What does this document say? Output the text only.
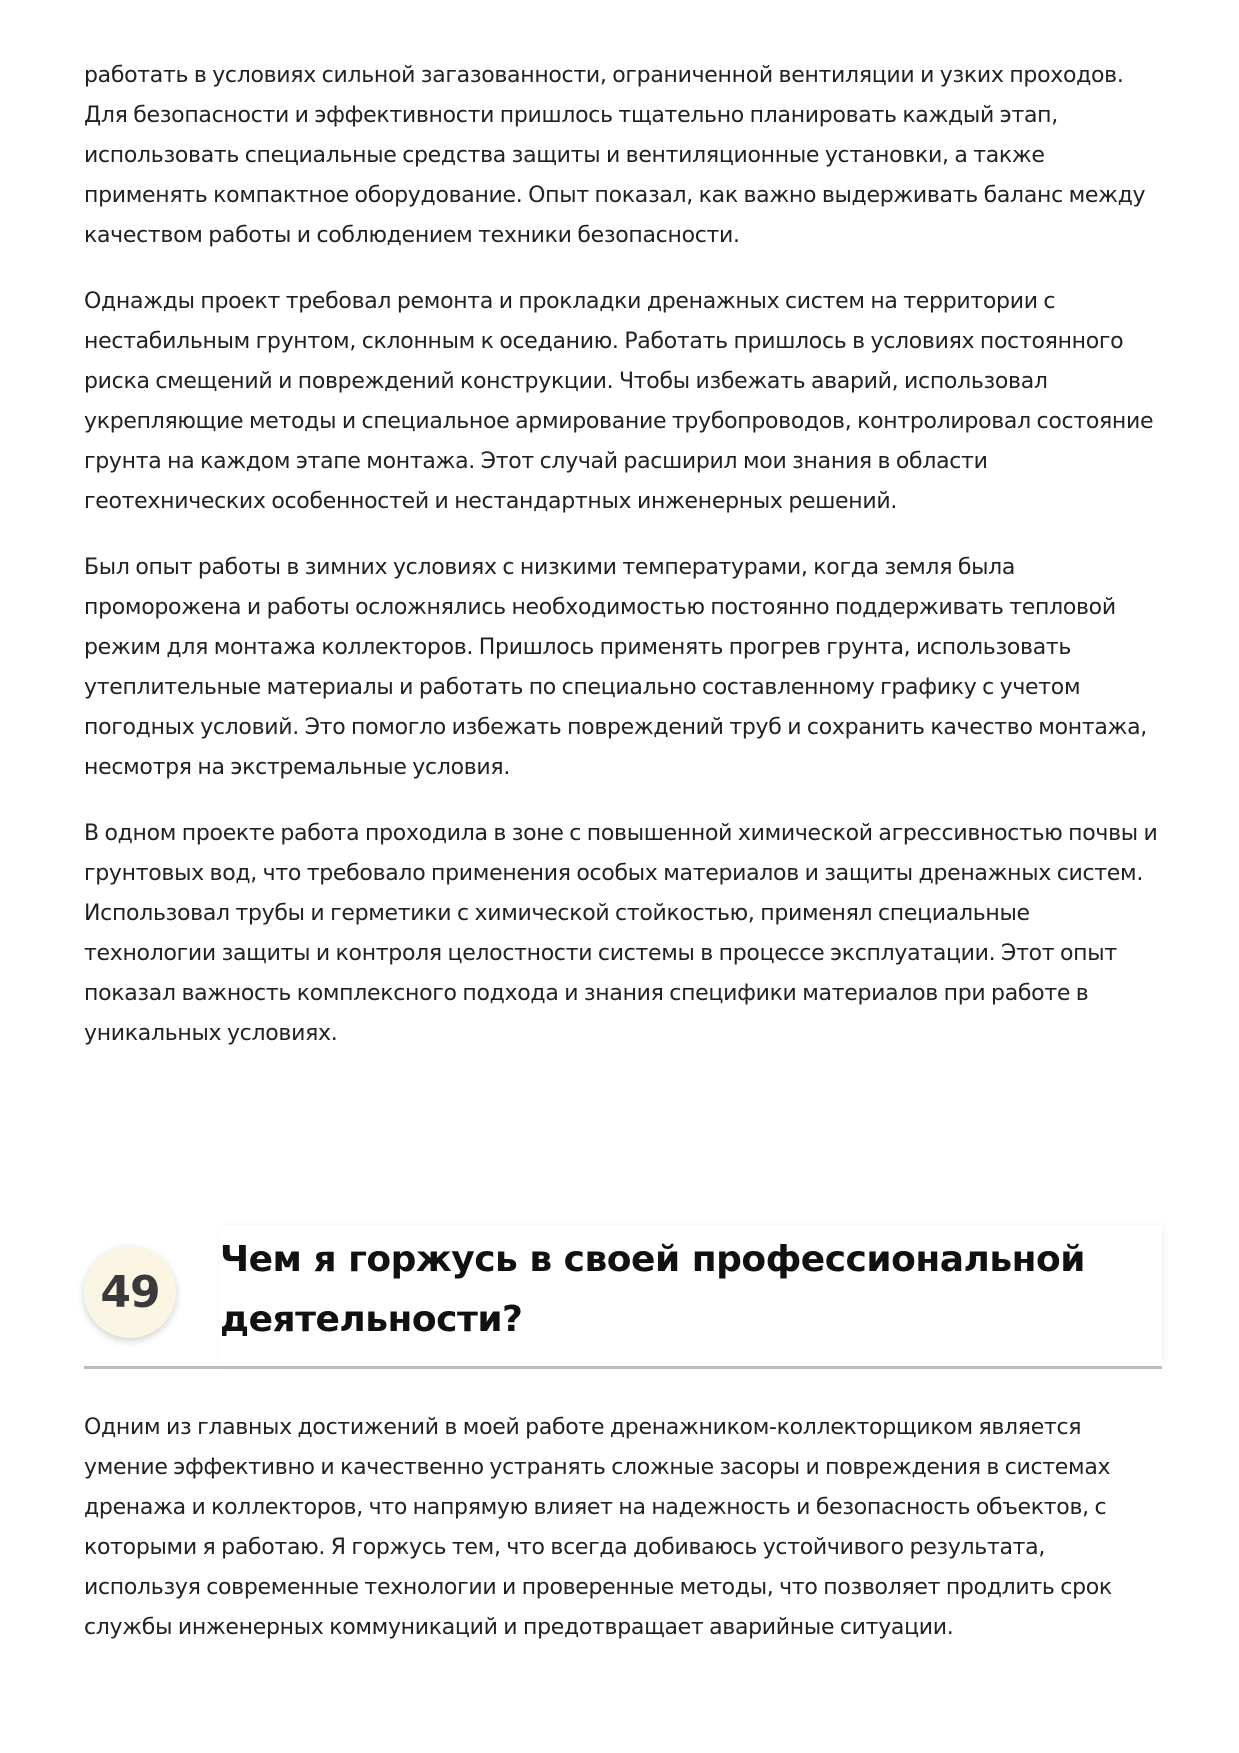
работать в условиях сильной загазованности, ограниченной вентиляции и узких проходов. Для безопасности и эффективности пришлось тщательно планировать каждый этап, использовать специальные средства защиты и вентиляционные установки, а также применять компактное оборудование. Опыт показал, как важно выдерживать баланс между качеством работы и соблюдением техники безопасности.

Однажды проект требовал ремонта и прокладки дренажных систем на территории с нестабильным грунтом, склонным к оседанию. Работать пришлось в условиях постоянного риска смещений и повреждений конструкции. Чтобы избежать аварий, использовал укрепляющие методы и специальное армирование трубопроводов, контролировал состояние грунта на каждом этапе монтажа. Этот случай расширил мои знания в области геотехнических особенностей и нестандартных инженерных решений.

Был опыт работы в зимних условиях с низкими температурами, когда земля была проморожена и работы осложнялись необходимостью постоянно поддерживать тепловой режим для монтажа коллекторов. Пришлось применять прогрев грунта, использовать утеплительные материалы и работать по специально составленному графику с учетом погодных условий. Это помогло избежать повреждений труб и сохранить качество монтажа, несмотря на экстремальные условия.

В одном проекте работа проходила в зоне с повышенной химической агрессивностью почвы и грунтовых вод, что требовало применения особых материалов и защиты дренажных систем. Использовал трубы и герметики с химической стойкостью, применял специальные технологии защиты и контроля целостности системы в процессе эксплуатации. Этот опыт показал важность комплексного подхода и знания специфики материалов при работе в уникальных условиях.

49
Чем я горжусь в своей профессиональной деятельности?

Одним из главных достижений в моей работе дренажником-коллекторщиком является умение эффективно и качественно устранять сложные засоры и повреждения в системах дренажа и коллекторов, что напрямую влияет на надежность и безопасность объектов, с которыми я работаю. Я горжусь тем, что всегда добиваюсь устойчивого результата, используя современные технологии и проверенные методы, что позволяет продлить срок службы инженерных коммуникаций и предотвращает аварийные ситуации.
